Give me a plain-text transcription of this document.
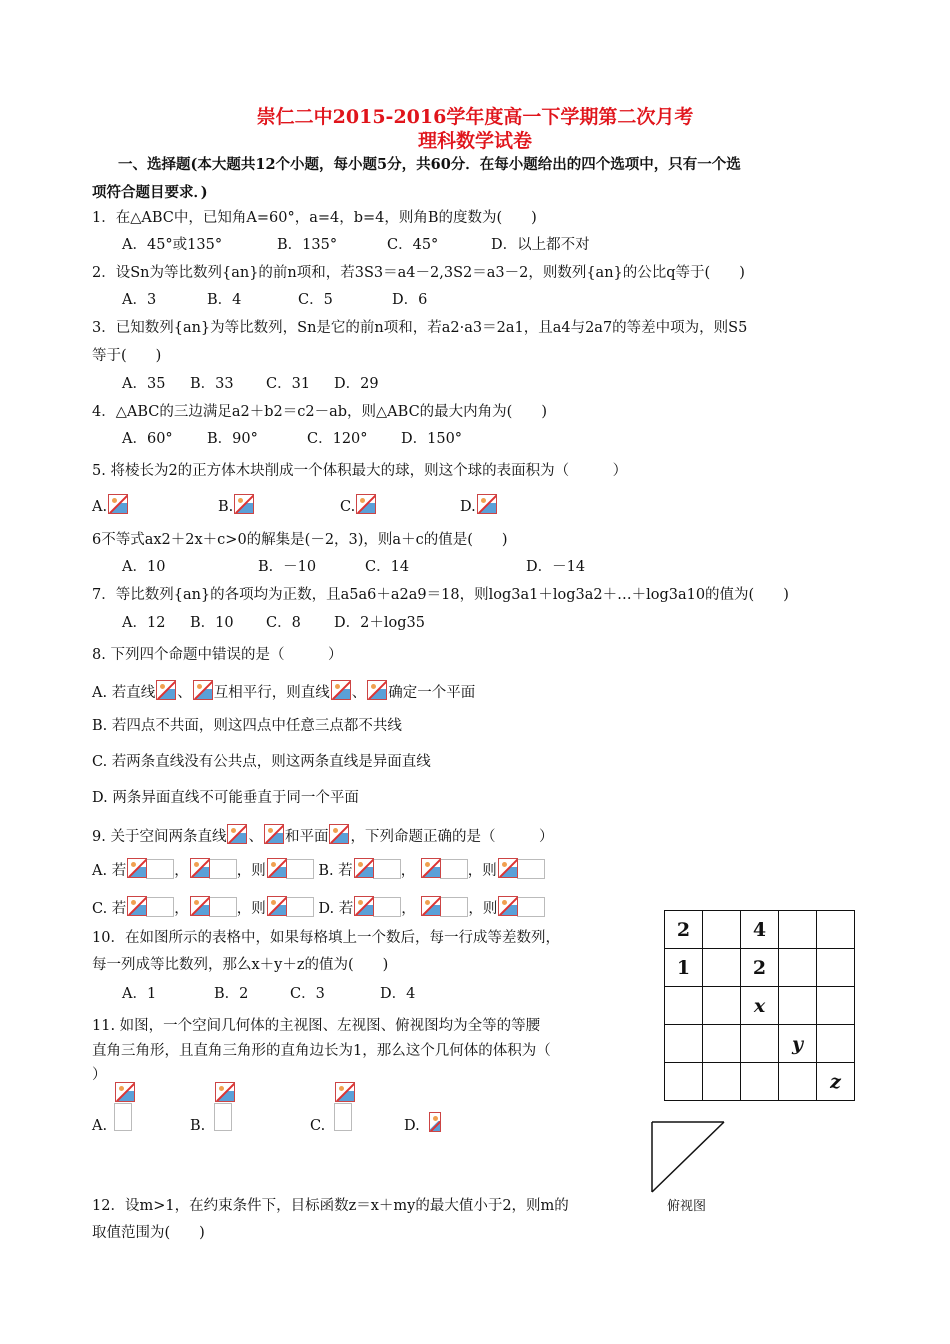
崇仁二中2015-2016学年度高一下学期第二次月考
理科数学试卷
一、选择题(本大题共12个小题，每小题5分，共60分．在每小题给出的四个选项中，只有一个选
项符合题目要求．)
1．在△ABC中，已知角A=60°，a=4，b=4，则角B的度数为(　　)
A．45°或135°	B．135°	C．45°	D．以上都不对
2．设Sn为等比数列{an}的前n项和，若3S3＝a4－2,3S2＝a3－2，则数列{an}的公比q等于(　　)
A．3	B．4	C．5	D．6
3．已知数列{an}为等比数列，Sn是它的前n项和，若a2·a3＝2a1，且a4与2a7的等差中项为，则S5
等于(　　)
A．35 B．33 C．31 D．29
4．△ABC的三边满足a2＋b2＝c2－ab，则△ABC的最大内角为(　　)
A．60° B．90°	C．120° D．150°
5. 将棱长为2的正方体木块削成一个体积最大的球，则这个球的表面积为（　　　）
A.	B.	C.	D.
6不等式ax2＋2x＋c>0的解集是(－2，3)，则a＋c的值是(　　)
A．10	B．－10	C．14	D．－14
7．等比数列{an}的各项均为正数，且a5a6＋a2a9＝18，则log3a1＋log3a2＋…＋log3a10的值为(　　)
A．12 B．10 C．8 D．2＋log35
8. 下列四个命题中错误的是（　　　）
A. 若直线 、 互相平行，则直线 、 确定一个平面
B. 若四点不共面，则这四点中任意三点都不共线
C. 若两条直线没有公共点，则这两条直线是异面直线
D. 两条异面直线不可能垂直于同一个平面
9. 关于空间两条直线 、 和平面 ，下列命题正确的是（　　　）
A. 若	，	，则	B. 若	，	，则
C. 若	，	，则	D. 若	，	，则
10．在如图所示的表格中，如果每格填上一个数后，每一行成等差数列，
每一列成等比数列，那么x＋y＋z的值为(　　)
A．1	B．2	C．3	D．4
11. 如图，一个空间几何体的主视图、左视图、俯视图均为全等的等腰
直角三角形，且直角三角形的直角边长为1，那么这个几何体的体积为（
）
A.	B.	C.	D.
12．设m>1，在约束条件下，目标函数z＝x＋my的最大值小于2，则m的
取值范围为(　　)
2		4		
1		2		
		x		
			y	
				z
俯视图
